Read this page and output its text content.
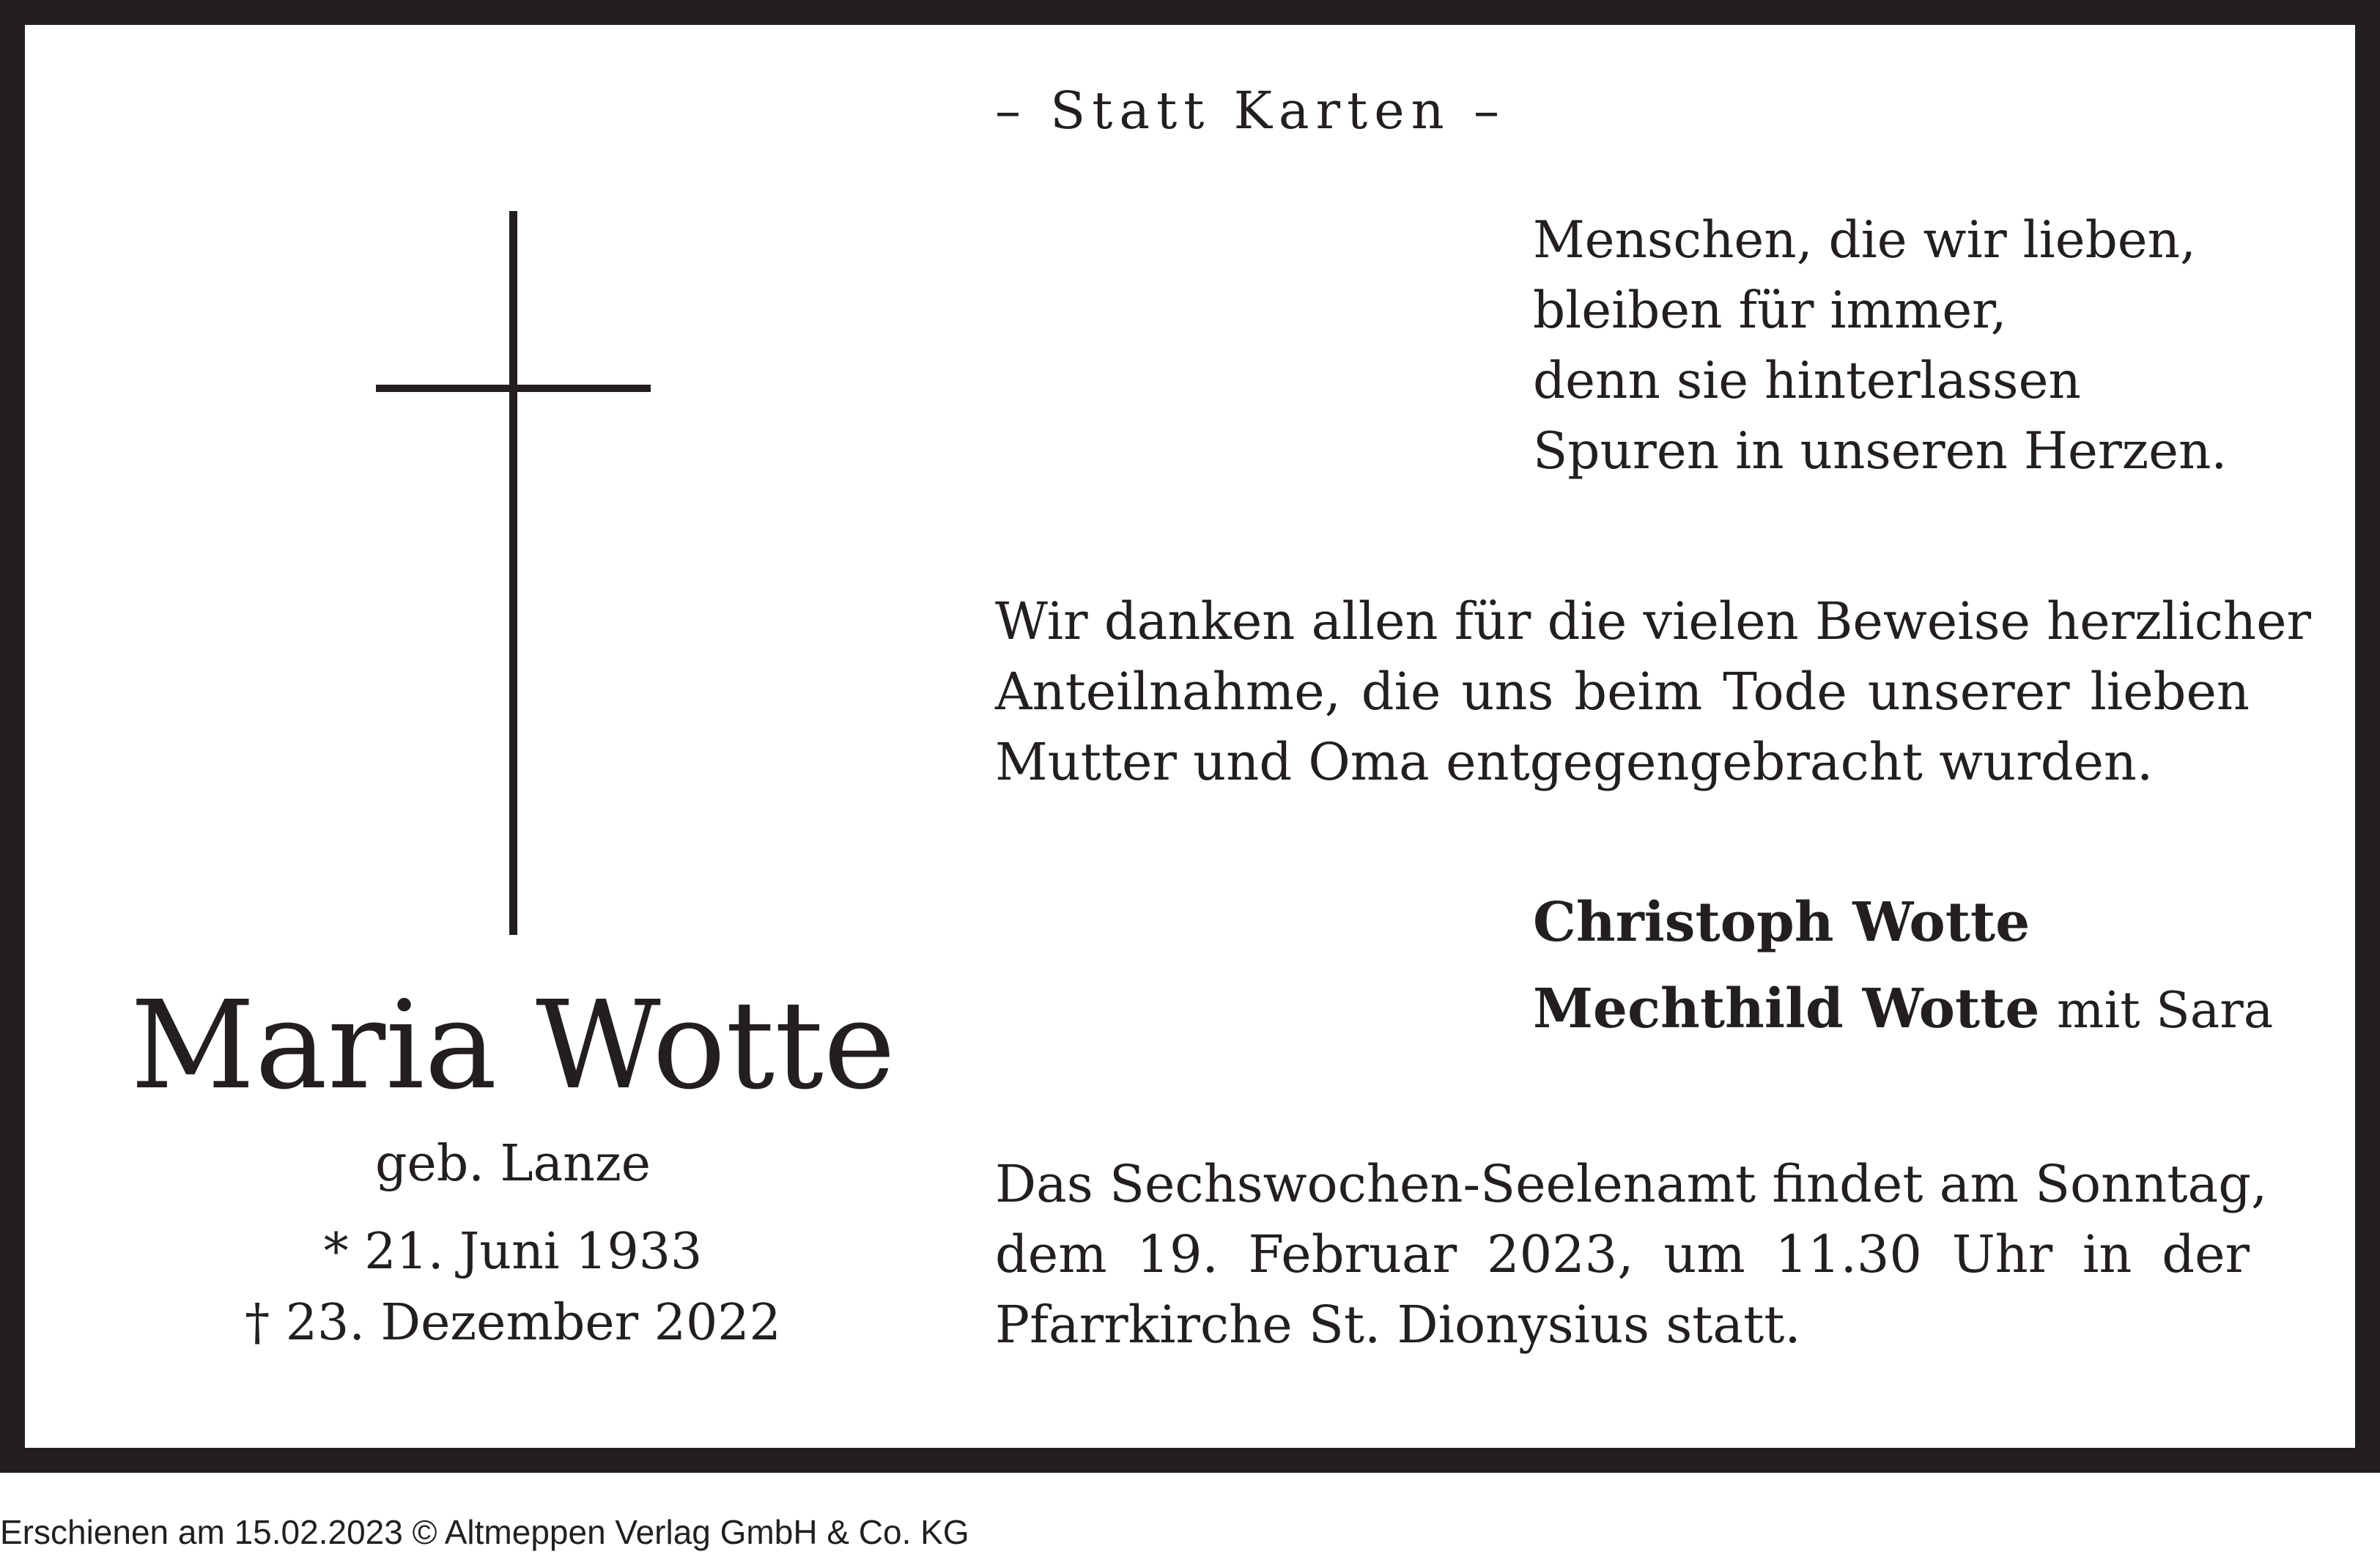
– Statt Karten –
Maria Wotte
geb. Lanze
* 21. Juni 1933
† 23. Dezember 2022
Menschen, die wir lieben,
bleiben für immer,
denn sie hinterlassen
Spuren in unseren Herzen.
Wir danken allen für die vielen Beweise herzlicher
Anteilnahme, die uns beim Tode unserer lieben
Mutter und Oma entgegengebracht wurden.
Christoph Wotte
Mechthild Wotte mit Sara
Das Sechswochen-Seelenamt findet am Sonntag,
dem 19. Februar 2023, um 11.30 Uhr in der
Pfarrkirche St. Dionysius statt.
Erschienen am 15.02.2023 © Altmeppen Verlag GmbH & Co. KG
